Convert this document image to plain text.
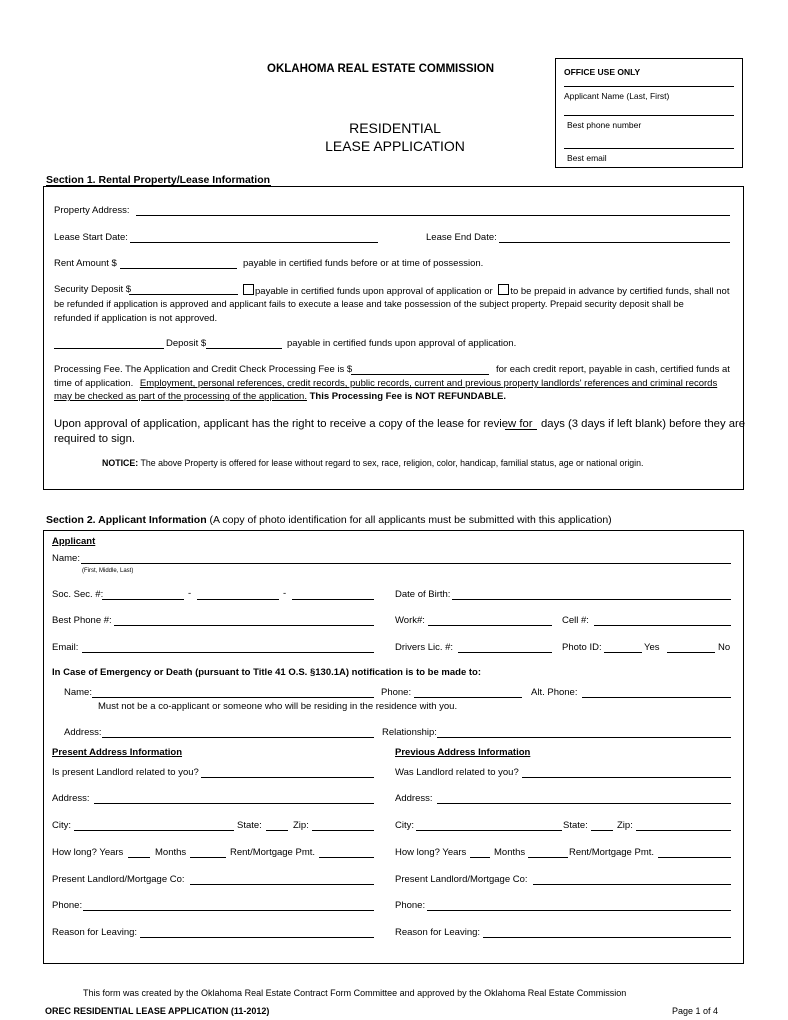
OKLAHOMA REAL ESTATE COMMISSION
RESIDENTIAL
LEASE APPLICATION
OFFICE USE ONLY
Applicant Name (Last, First)
Best phone number
Best email
Section 1. Rental Property/Lease Information
Property Address:
Lease Start Date:	Lease End Date:
Rent Amount $	payable in certified funds before or at time of possession.
Security Deposit $	payable in certified funds upon approval of application or to be prepaid in advance by certified funds, shall not
be refunded if application is approved and applicant fails to execute a lease and take possession of the subject property. Prepaid security deposit shall be
refunded if application is not approved.
Deposit $	payable in certified funds upon approval of application.
Processing Fee. The Application and Credit Check Processing Fee is $	for each credit report, payable in cash, certified funds at
time of application. Employment, personal references, credit records, public records, current and previous property landlords' references and criminal records
may be checked as part of the processing of the application. This Processing Fee is NOT REFUNDABLE.
Upon approval of application, applicant has the right to receive a copy of the lease for review for days (3 days if left blank) before they are
required to sign.
NOTICE: The above Property is offered for lease without regard to sex, race, religion, color, handicap, familial status, age or national origin.
Section 2. Applicant Information (A copy of photo identification for all applicants must be submitted with this application)
Applicant
Name:
(First, Middle, Last)
Soc. Sec. #:	-	-	Date of Birth:
Best Phone #:	Work#:	Cell #:
Email:	Drivers Lic. #:	Photo ID:	Yes	No
In Case of Emergency or Death (pursuant to Title 41 O.S. §130.1A) notification is to be made to:
Name:	Phone:	Alt. Phone:
Must not be a co-applicant or someone who will be residing in the residence with you.
Address:	Relationship:
Present Address Information
Is present Landlord related to you?
Address:
City:	State:	Zip:
How long? Years	Months	Rent/Mortgage Pmt.
Present Landlord/Mortgage Co:
Phone:
Reason for Leaving:
Previous Address Information
Was Landlord related to you?
Address:
City:	State:	Zip:
How long? Years	Months	Rent/Mortgage Pmt.
Present Landlord/Mortgage Co:
Phone:
Reason for Leaving:
This form was created by the Oklahoma Real Estate Contract Form Committee and approved by the Oklahoma Real Estate Commission
OREC RESIDENTIAL LEASE APPLICATION (11-2012)	Page 1 of 4
